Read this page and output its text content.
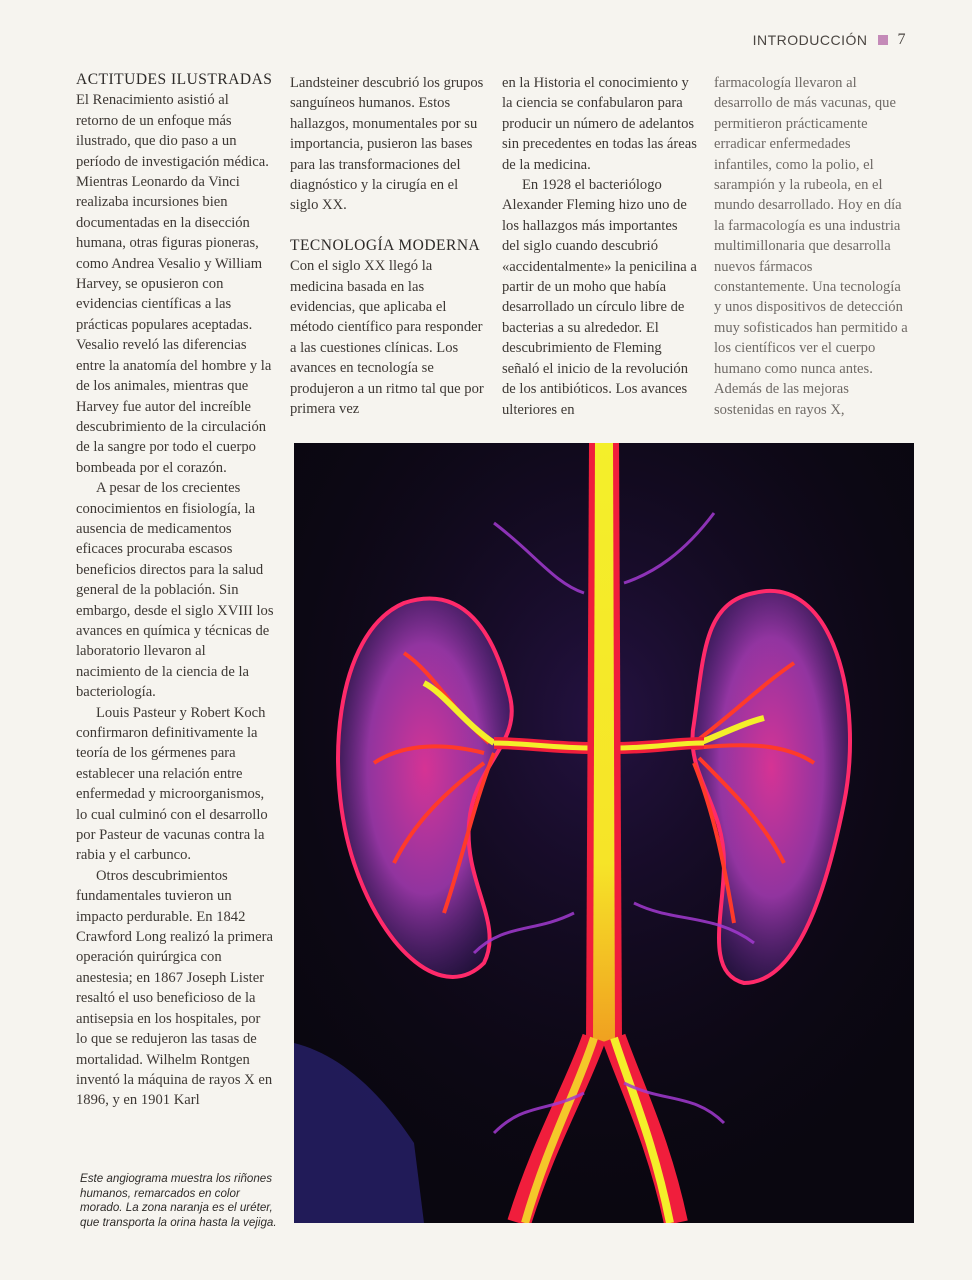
INTRODUCCIÓN 7
ACTITUDES ILUSTRADAS

El Renacimiento asistió al retorno de un enfoque más ilustrado, que dio paso a un período de investigación médica. Mientras Leonardo da Vinci realizaba incursiones bien documentadas en la disección humana, otras figuras pioneras, como Andrea Vesalio y William Harvey, se opusieron con evidencias científicas a las prácticas populares aceptadas. Vesalio reveló las diferencias entre la anatomía del hombre y la de los animales, mientras que Harvey fue autor del increíble descubrimiento de la circulación de la sangre por todo el cuerpo bombeada por el corazón.

A pesar de los crecientes conocimientos en fisiología, la ausencia de medicamentos eficaces procuraba escasos beneficios directos para la salud general de la población. Sin embargo, desde el siglo XVIII los avances en química y técnicas de laboratorio llevaron al nacimiento de la ciencia de la bacteriología.

Louis Pasteur y Robert Koch confirmaron definitivamente la teoría de los gérmenes para establecer una relación entre enfermedad y microorganismos, lo cual culminó con el desarrollo por Pasteur de vacunas contra la rabia y el carbunco.

Otros descubrimientos fundamentales tuvieron un impacto perdurable. En 1842 Crawford Long realizó la primera operación quirúrgica con anestesia; en 1867 Joseph Lister resaltó el uso beneficioso de la antisepsia en los hospitales, por lo que se redujeron las tasas de mortalidad. Wilhelm Rontgen inventó la máquina de rayos X en 1896, y en 1901 Karl

Landsteiner descubrió los grupos sanguíneos humanos. Estos hallazgos, monumentales por su importancia, pusieron las bases para las transformaciones del diagnóstico y la cirugía en el siglo XX.

TECNOLOGÍA MODERNA

Con el siglo XX llegó la medicina basada en las evidencias, que aplicaba el método científico para responder a las cuestiones clínicas. Los avances en tecnología se produjeron a un ritmo tal que por primera vez

en la Historia el conocimiento y la ciencia se confabularon para producir un número de adelantos sin precedentes en todas las áreas de la medicina.

En 1928 el bacteriólogo Alexander Fleming hizo uno de los hallazgos más importantes del siglo cuando descubrió «accidentalmente» la penicilina a partir de un moho que había desarrollado un círculo libre de bacterias a su alrededor. El descubrimiento de Fleming señaló el inicio de la revolución de los antibióticos. Los avances ulteriores en

farmacología llevaron al desarrollo de más vacunas, que permitieron prácticamente erradicar enfermedades infantiles, como la polio, el sarampión y la rubeola, en el mundo desarrollado. Hoy en día la farmacología es una industria multimillonaria que desarrolla nuevos fármacos constantemente. Una tecnología y unos dispositivos de detección muy sofisticados han permitido a los científicos ver el cuerpo humano como nunca antes. Además de las mejoras sostenidas en rayos X,

Este angiograma muestra los riñones humanos, remarcados en color morado. La zona naranja es el uréter, que transporta la orina hasta la vejiga.
